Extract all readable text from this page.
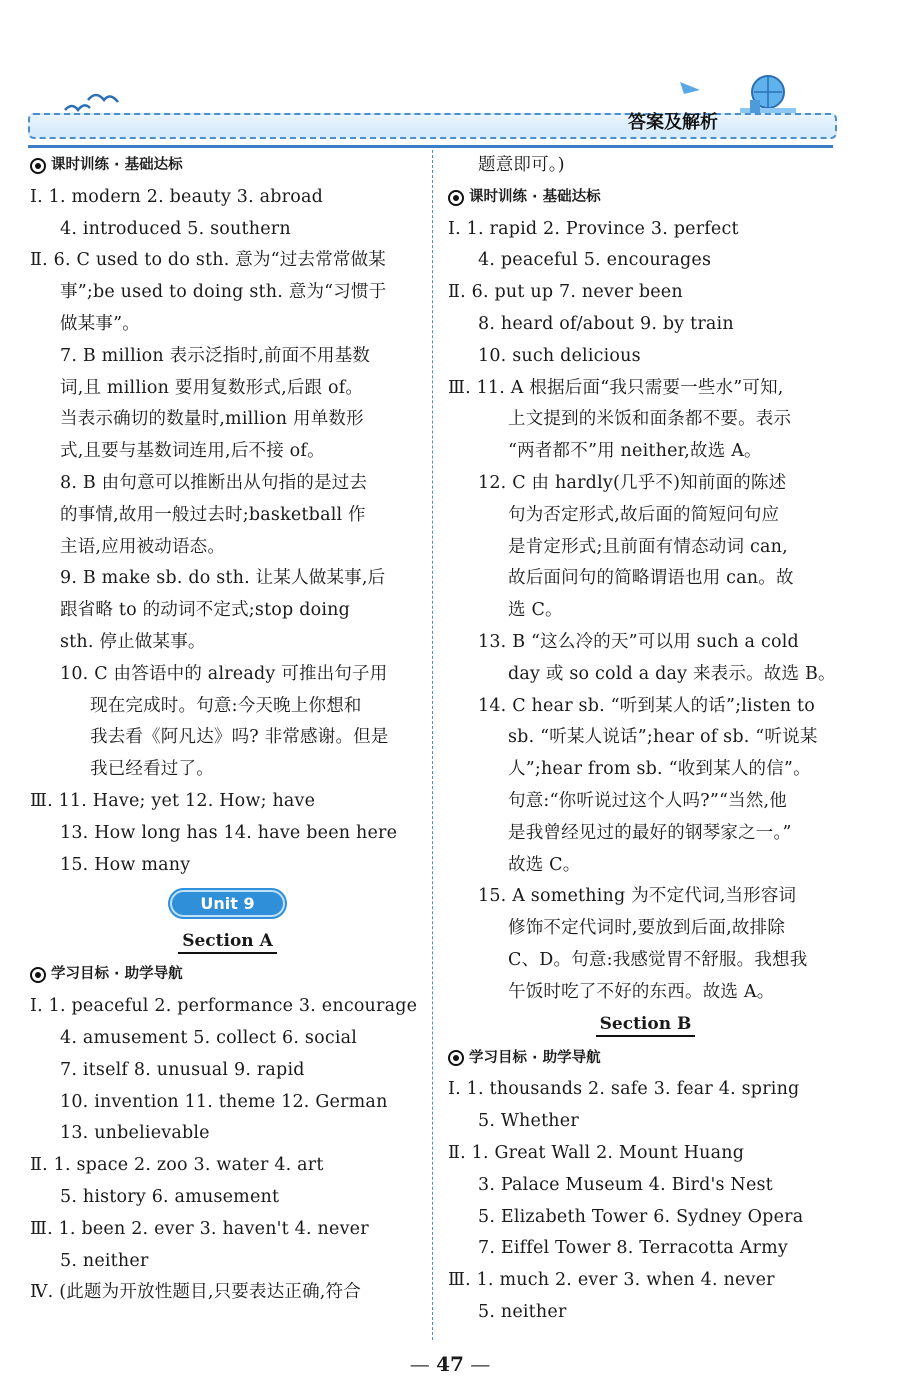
答案及解析
课时训练 · 基础达标
Ⅰ. 1. modern 2. beauty 3. abroad
4. introduced 5. southern
Ⅱ. 6. C used to do sth. 意为“过去常常做某
事”;be used to doing sth. 意为“习惯于
做某事”。
7. B million 表示泛指时,前面不用基数
词,且 million 要用复数形式,后跟 of。
当表示确切的数量时,million 用单数形
式,且要与基数词连用,后不接 of。
8. B 由句意可以推断出从句指的是过去
的事情,故用一般过去时;basketball 作
主语,应用被动语态。
9. B make sb. do sth. 让某人做某事,后
跟省略 to 的动词不定式;stop doing
sth. 停止做某事。
10. C 由答语中的 already 可推出句子用
现在完成时。句意:今天晚上你想和
我去看《阿凡达》吗? 非常感谢。但是
我已经看过了。
Ⅲ. 11. Have; yet 12. How; have
13. How long has 14. have been here
15. How many
Unit 9
Section A
学习目标 · 助学导航
Ⅰ. 1. peaceful 2. performance 3. encourage
4. amusement 5. collect 6. social
7. itself 8. unusual 9. rapid
10. invention 11. theme 12. German
13. unbelievable
Ⅱ. 1. space 2. zoo 3. water 4. art
5. history 6. amusement
Ⅲ. 1. been 2. ever 3. haven't 4. never
5. neither
Ⅳ. (此题为开放性题目,只要表达正确,符合
题意即可。)
课时训练 · 基础达标
Ⅰ. 1. rapid 2. Province 3. perfect
4. peaceful 5. encourages
Ⅱ. 6. put up 7. never been
8. heard of/about 9. by train
10. such delicious
Ⅲ. 11. A 根据后面“我只需要一些水”可知,
上文提到的米饭和面条都不要。表示
“两者都不”用 neither,故选 A。
12. C 由 hardly(几乎不)知前面的陈述
句为否定形式,故后面的简短问句应
是肯定形式;且前面有情态动词 can,
故后面问句的简略谓语也用 can。故
选 C。
13. B “这么冷的天”可以用 such a cold
day 或 so cold a day 来表示。故选 B。
14. C hear sb. “听到某人的话”;listen to
sb. “听某人说话”;hear of sb. “听说某
人”;hear from sb. “收到某人的信”。
句意:“你听说过这个人吗?”“当然,他
是我曾经见过的最好的钢琴家之一。”
故选 C。
15. A something 为不定代词,当形容词
修饰不定代词时,要放到后面,故排除
C、D。句意:我感觉胃不舒服。我想我
午饭时吃了不好的东西。故选 A。
Section B
学习目标 · 助学导航
Ⅰ. 1. thousands 2. safe 3. fear 4. spring
5. Whether
Ⅱ. 1. Great Wall 2. Mount Huang
3. Palace Museum 4. Bird's Nest
5. Elizabeth Tower 6. Sydney Opera
7. Eiffel Tower 8. Terracotta Army
Ⅲ. 1. much 2. ever 3. when 4. never
5. neither
— 47 —
